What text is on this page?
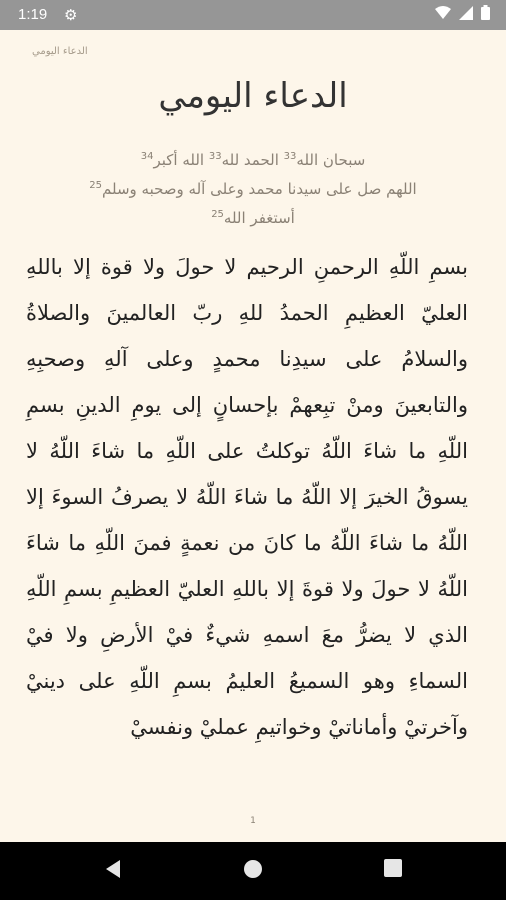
1:19 ⚙
الدعاء اليومي
الدعاء اليومي
سبحان الله$^{33}$ الحمد لله$^{33}$ الله أكبر$^{34}$
اللهم صل على سيدنا محمد وعلى آله وصحبه وسلم$^{25}$
أستغفر الله$^{25}$
بسمِ اللّهِ الرحمنِ الرحيم لا حولَ ولا قوة إلا باللهِ العليّ العظيمِ الحمدُ للهِ ربّ العالمينَ والصلاةُ والسلامُ على سيدِنا محمدٍ وعلى آلهِ وصحبِهِ والتابعينَ ومنْ تبِعهمْ بإحسانٍ إلى يومِ الدينِ بسمِ اللّهِ ما شاءَ اللّهُ توكلتُ على اللّهِ ما شاءَ اللّهُ لا يسوقُ الخيرَ إلا اللّهُ ما شاءَ اللّهُ لا يصرفُ السوءَ إلا اللّهُ ما شاءَ اللّهُ ما كانَ من نعمةٍ فمنَ اللّهِ ما شاءَ اللّهُ لا حولَ ولا قوةَ إلا باللهِ العليّ العظيمِ بسمِ اللّهِ الذي لا يضرُّ معَ اسمهِ شيءٌ فيْ الأرضِ ولا فيْ السماءِ وهو السميعُ العليمُ بسمِ اللّهِ على دينيْ وآخرتيْ وأماناتيْ وخواتيمِ عمليْ ونفسيْ
1
